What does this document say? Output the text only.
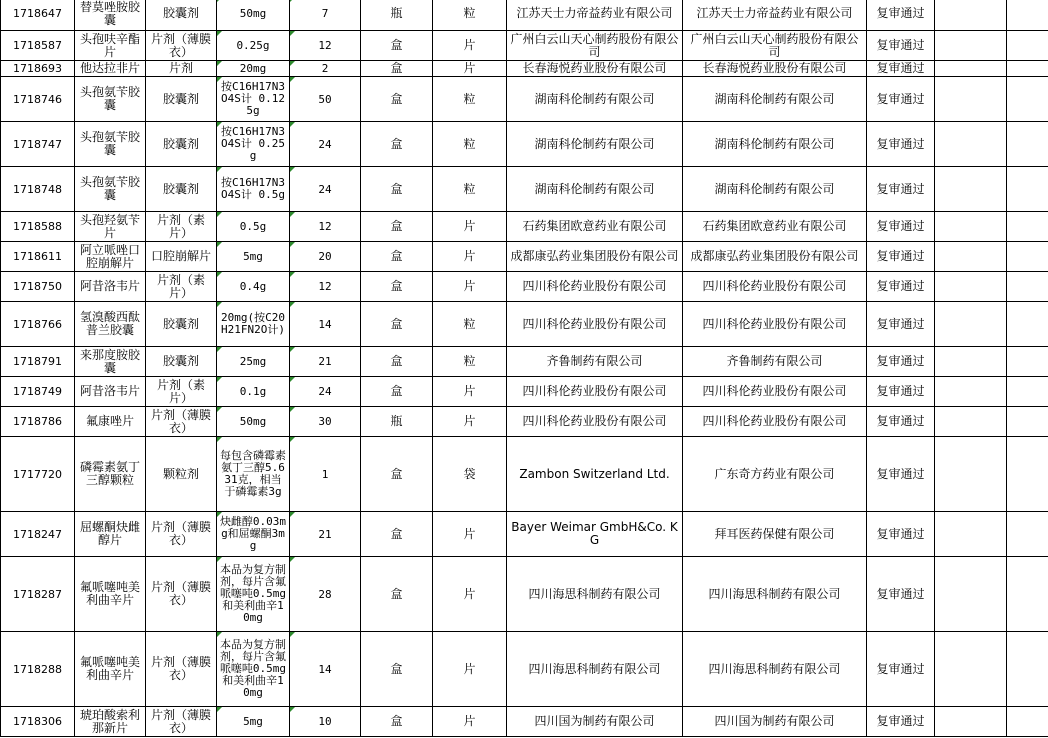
1718647	替莫唑胺胶囊	胶囊剂	50mg	7	瓶	粒	江苏天士力帝益药业有限公司	江苏天士力帝益药业有限公司	复审通过		
1718587	头孢呋辛酯片	片剂（薄膜衣）	0.25g	12	盒	片	广州白云山天心制药股份有限公司	广州白云山天心制药股份有限公司	复审通过		
1718693	他达拉非片	片剂	20mg	2	盒	片	长春海悦药业股份有限公司	长春海悦药业股份有限公司	复审通过		
1718746	头孢氨苄胶囊	胶囊剂	按C16H17N3O4S计 0.125g	50	盒	粒	湖南科伦制药有限公司	湖南科伦制药有限公司	复审通过		
1718747	头孢氨苄胶囊	胶囊剂	按C16H17N3O4S计 0.25g	24	盒	粒	湖南科伦制药有限公司	湖南科伦制药有限公司	复审通过		
1718748	头孢氨苄胶囊	胶囊剂	按C16H17N3O4S计 0.5g	24	盒	粒	湖南科伦制药有限公司	湖南科伦制药有限公司	复审通过		
1718588	头孢羟氨苄片	片剂（素片）	0.5g	12	盒	片	石药集团欧意药业有限公司	石药集团欧意药业有限公司	复审通过		
1718611	阿立哌唑口腔崩解片	口腔崩解片	5mg	20	盒	片	成都康弘药业集团股份有限公司	成都康弘药业集团股份有限公司	复审通过		
1718750	阿昔洛韦片	片剂（素片）	0.4g	12	盒	片	四川科伦药业股份有限公司	四川科伦药业股份有限公司	复审通过		
1718766	氢溴酸西酞普兰胶囊	胶囊剂	20mg(按C20H21FN2O计)	14	盒	粒	四川科伦药业股份有限公司	四川科伦药业股份有限公司	复审通过		
1718791	来那度胺胶囊	胶囊剂	25mg	21	盒	粒	齐鲁制药有限公司	齐鲁制药有限公司	复审通过		
1718749	阿昔洛韦片	片剂（素片）	0.1g	24	盒	片	四川科伦药业股份有限公司	四川科伦药业股份有限公司	复审通过		
1718786	氟康唑片	片剂（薄膜衣）	50mg	30	瓶	片	四川科伦药业股份有限公司	四川科伦药业股份有限公司	复审通过		
1717720	磷霉素氨丁三醇颗粒	颗粒剂	每包含磷霉素氨丁三醇5.631克，相当于磷霉素3g	1	盒	袋	Zambon Switzerland Ltd.	广东奇方药业有限公司	复审通过		
1718247	屈螺酮炔雌醇片	片剂（薄膜衣）	炔雌醇0.03mg和屈螺酮3mg	21	盒	片	Bayer Weimar GmbH&Co. KG	拜耳医药保健有限公司	复审通过		
1718287	氟哌噻吨美利曲辛片	片剂（薄膜衣）	本品为复方制剂，每片含氟哌噻吨0.5mg和美利曲辛10mg	28	盒	片	四川海思科制药有限公司	四川海思科制药有限公司	复审通过		
1718288	氟哌噻吨美利曲辛片	片剂（薄膜衣）	本品为复方制剂，每片含氟哌噻吨0.5mg和美利曲辛10mg	14	盒	片	四川海思科制药有限公司	四川海思科制药有限公司	复审通过		
1718306	琥珀酸索利那新片	片剂（薄膜衣）	5mg	10	盒	片	四川国为制药有限公司	四川国为制药有限公司	复审通过		
